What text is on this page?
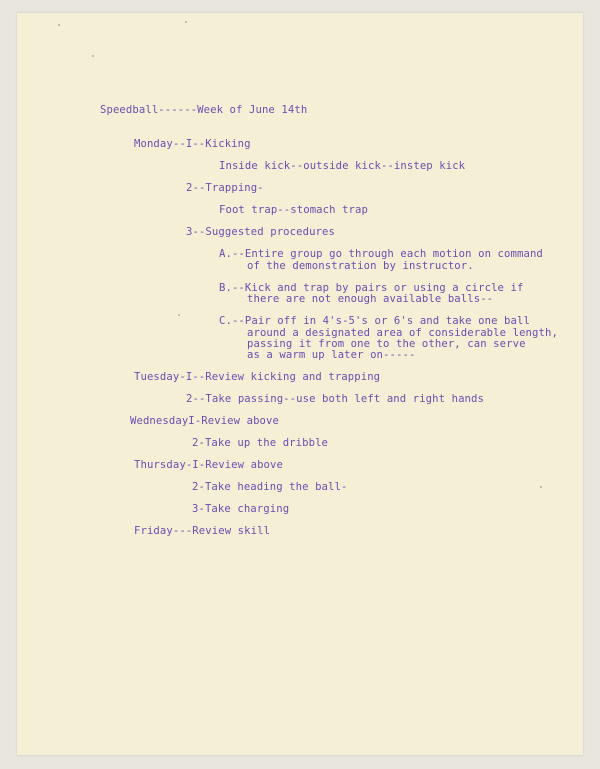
Speedball------Week of June 14th
Monday--I--Kicking
Inside kick--outside kick--instep kick
2--Trapping-
Foot trap--stomach trap
3--Suggested procedures
A.--Entire group go through each motion on command
of the demonstration by instructor.
B.--Kick and trap by pairs or using a circle if
there are not enough available balls--
C.--Pair off in 4's-5's or 6's and take one ball
around a designated area of considerable length,
passing it from one to the other, can serve
as a warm up later on-----
Tuesday-I--Review kicking and trapping
2--Take passing--use both left and right hands
WednesdayI-Review above
2-Take up the dribble
Thursday-I-Review above
2-Take heading the ball-
3-Take charging
Friday---Review skill
